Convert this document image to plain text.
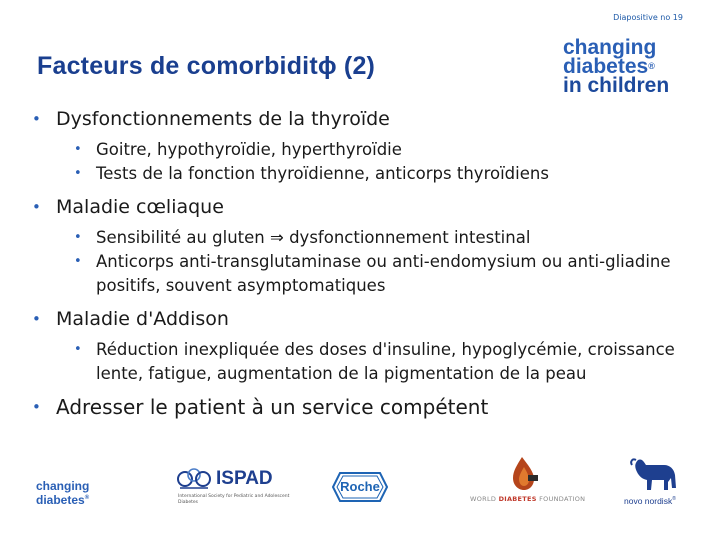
Diapositive no 19
Facteurs de comorbiditϕ (2)
changing
diabetes®
in children
• Dysfonctionnements de la thyroïde
• Goitre, hypothyroïdie, hyperthyroïdie
• Tests de la fonction thyroïdienne, anticorps thyroïdiens
• Maladie cœliaque
• Sensibilité au gluten ⇒ dysfonctionnement intestinal
• Anticorps anti-transglutaminase ou anti-endomysium ou anti-gliadine positifs, souvent asymptomatiques
• Maladie d'Addison
• Réduction inexpliquée des doses d'insuline, hypoglycémie, croissance lente, fatigue, augmentation de la pigmentation de la peau
• Adresser le patient à un service compétent
changing
diabetes®
ISPAD
International Society for Pediatric and Adolescent Diabetes
Roche
WORLD DIABETES FOUNDATION	novo nordisk®
